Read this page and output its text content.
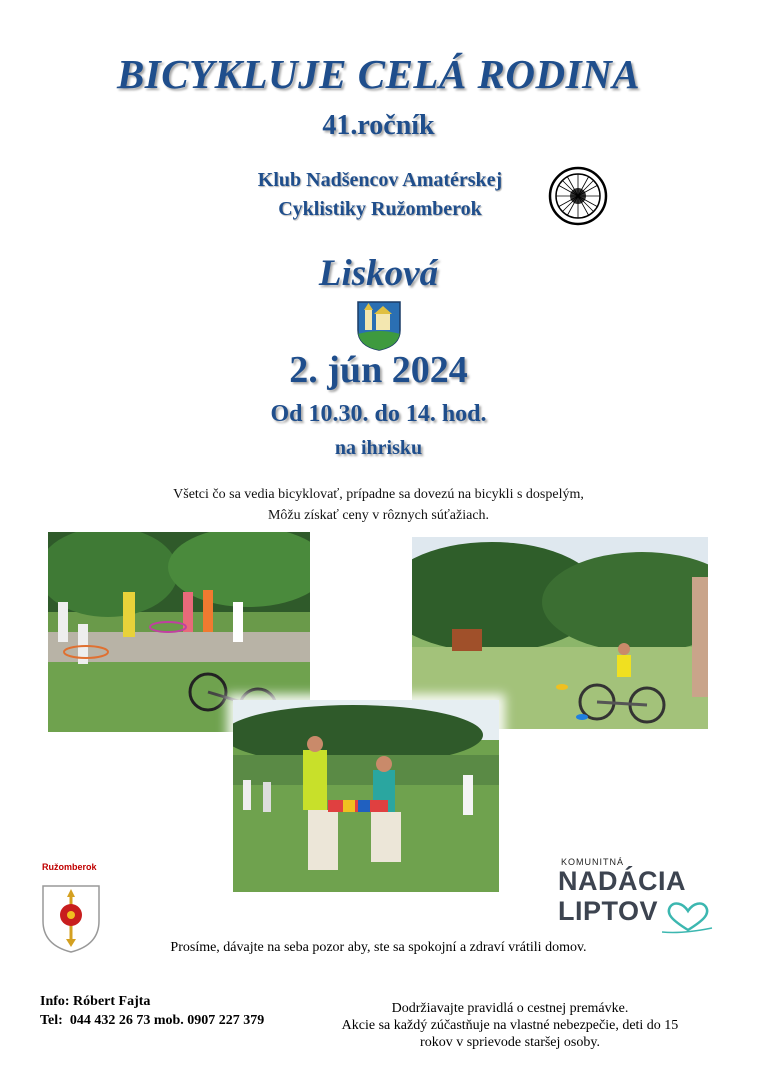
BICYKLUJE CELÁ RODINA
41.ročník
Klub Nadšencov Amatérskej
Cyklistiky Ružomberok
Lisková
2. jún 2024
Od 10.30. do 14. hod.
na ihrisku
Všetci čo sa vedia bicyklovať, prípadne sa dovezú na bicykli s dospelým,
Môžu získať ceny v rôznych súťažiach.
Ružomberok	KOMUNITNÁ
NADÁCIA
LIPTOV
Prosíme, dávajte na seba pozor aby, ste sa spokojní a zdraví vrátili domov.
Info: Róbert Fajta
Tel:  044 432 26 73 mob. 0907 227 379
Dodržiavajte pravidlá o cestnej premávke.
Akcie sa každý zúčastňuje na vlastné nebezpečie, deti do 15
rokov v sprievode staršej osoby.
